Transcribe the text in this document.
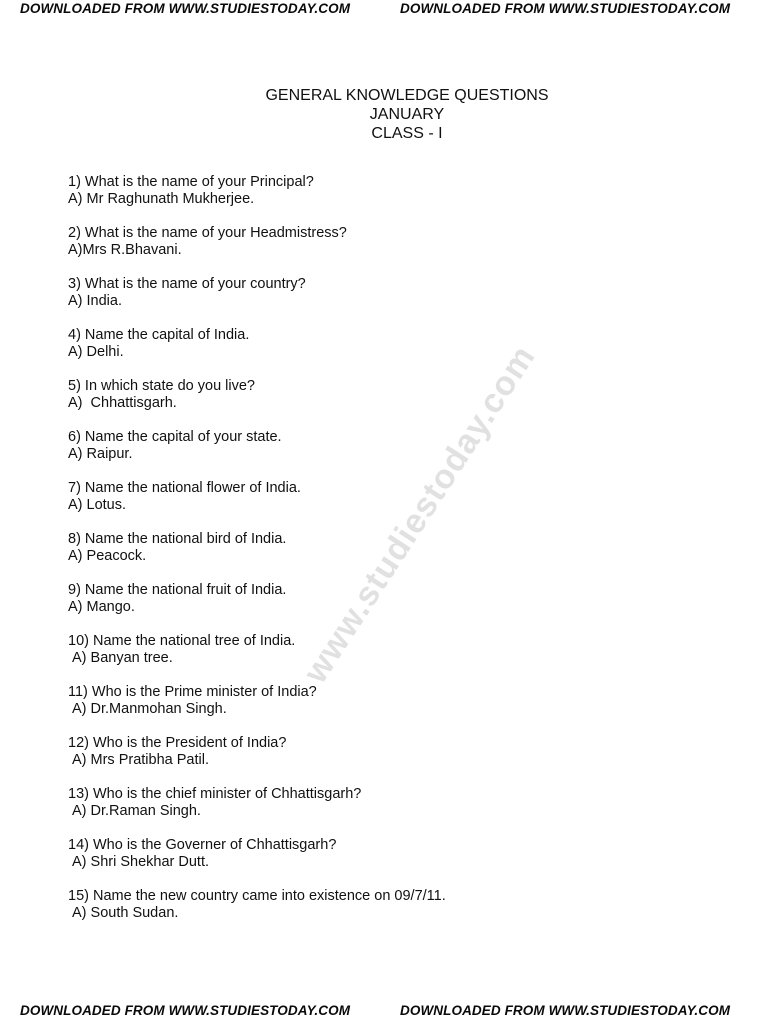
DOWNLOADED FROM WWW.STUDIESTODAY.COM	DOWNLOADED FROM WWW.STUDIESTODAY.COM
GENERAL KNOWLEDGE QUESTIONS
JANUARY
CLASS - I
www.studiestoday.com
1) What is the name of your Principal?
A) Mr Raghunath Mukherjee.
2) What is the name of your Headmistress?
A)Mrs R.Bhavani.
3) What is the name of your country?
A) India.
4) Name the capital of India.
A) Delhi.
5) In which state do you live?
A)  Chhattisgarh.
6) Name the capital of your state.
A) Raipur.
7) Name the national flower of India.
A) Lotus.
8) Name the national bird of India.
A) Peacock.
9) Name the national fruit of India.
A) Mango.
10) Name the national tree of India.
A) Banyan tree.
11) Who is the Prime minister of India?
A) Dr.Manmohan Singh.
12) Who is the President of India?
A) Mrs Pratibha Patil.
13) Who is the chief minister of Chhattisgarh?
A) Dr.Raman Singh.
14) Who is the Governer of Chhattisgarh?
A) Shri Shekhar Dutt.
15) Name the new country came into existence on 09/7/11.
A) South Sudan.
DOWNLOADED FROM WWW.STUDIESTODAY.COM	DOWNLOADED FROM WWW.STUDIESTODAY.COM
